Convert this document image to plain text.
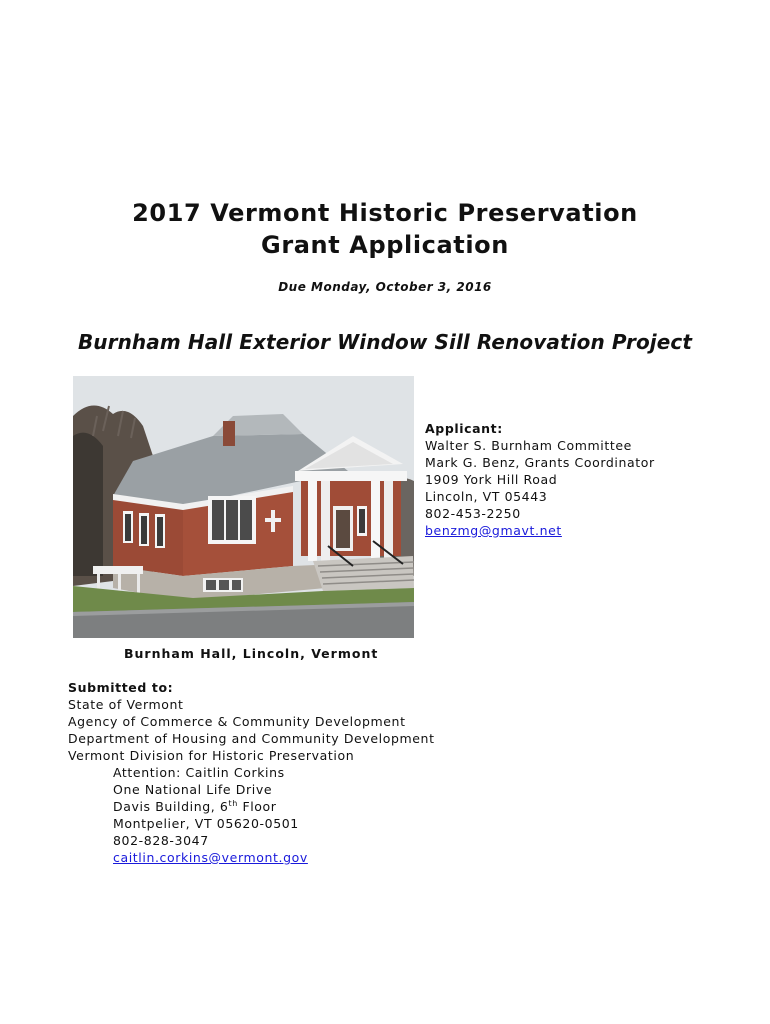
2017 Vermont Historic Preservation
Grant Application
Due Monday, October 3, 2016
Burnham Hall Exterior Window Sill Renovation Project
Burnham Hall, Lincoln, Vermont
Applicant:
Walter S. Burnham Committee
Mark G. Benz, Grants Coordinator
1909 York Hill Road
Lincoln, VT 05443
802-453-2250
benzmg@gmavt.net
Submitted to:
State of Vermont
Agency of Commerce & Community Development
Department of Housing and Community Development
Vermont Division for Historic Preservation
Attention: Caitlin Corkins
One National Life Drive
Davis Building, 6th Floor
Montpelier, VT 05620-0501
802-828-3047
caitlin.corkins@vermont.gov
